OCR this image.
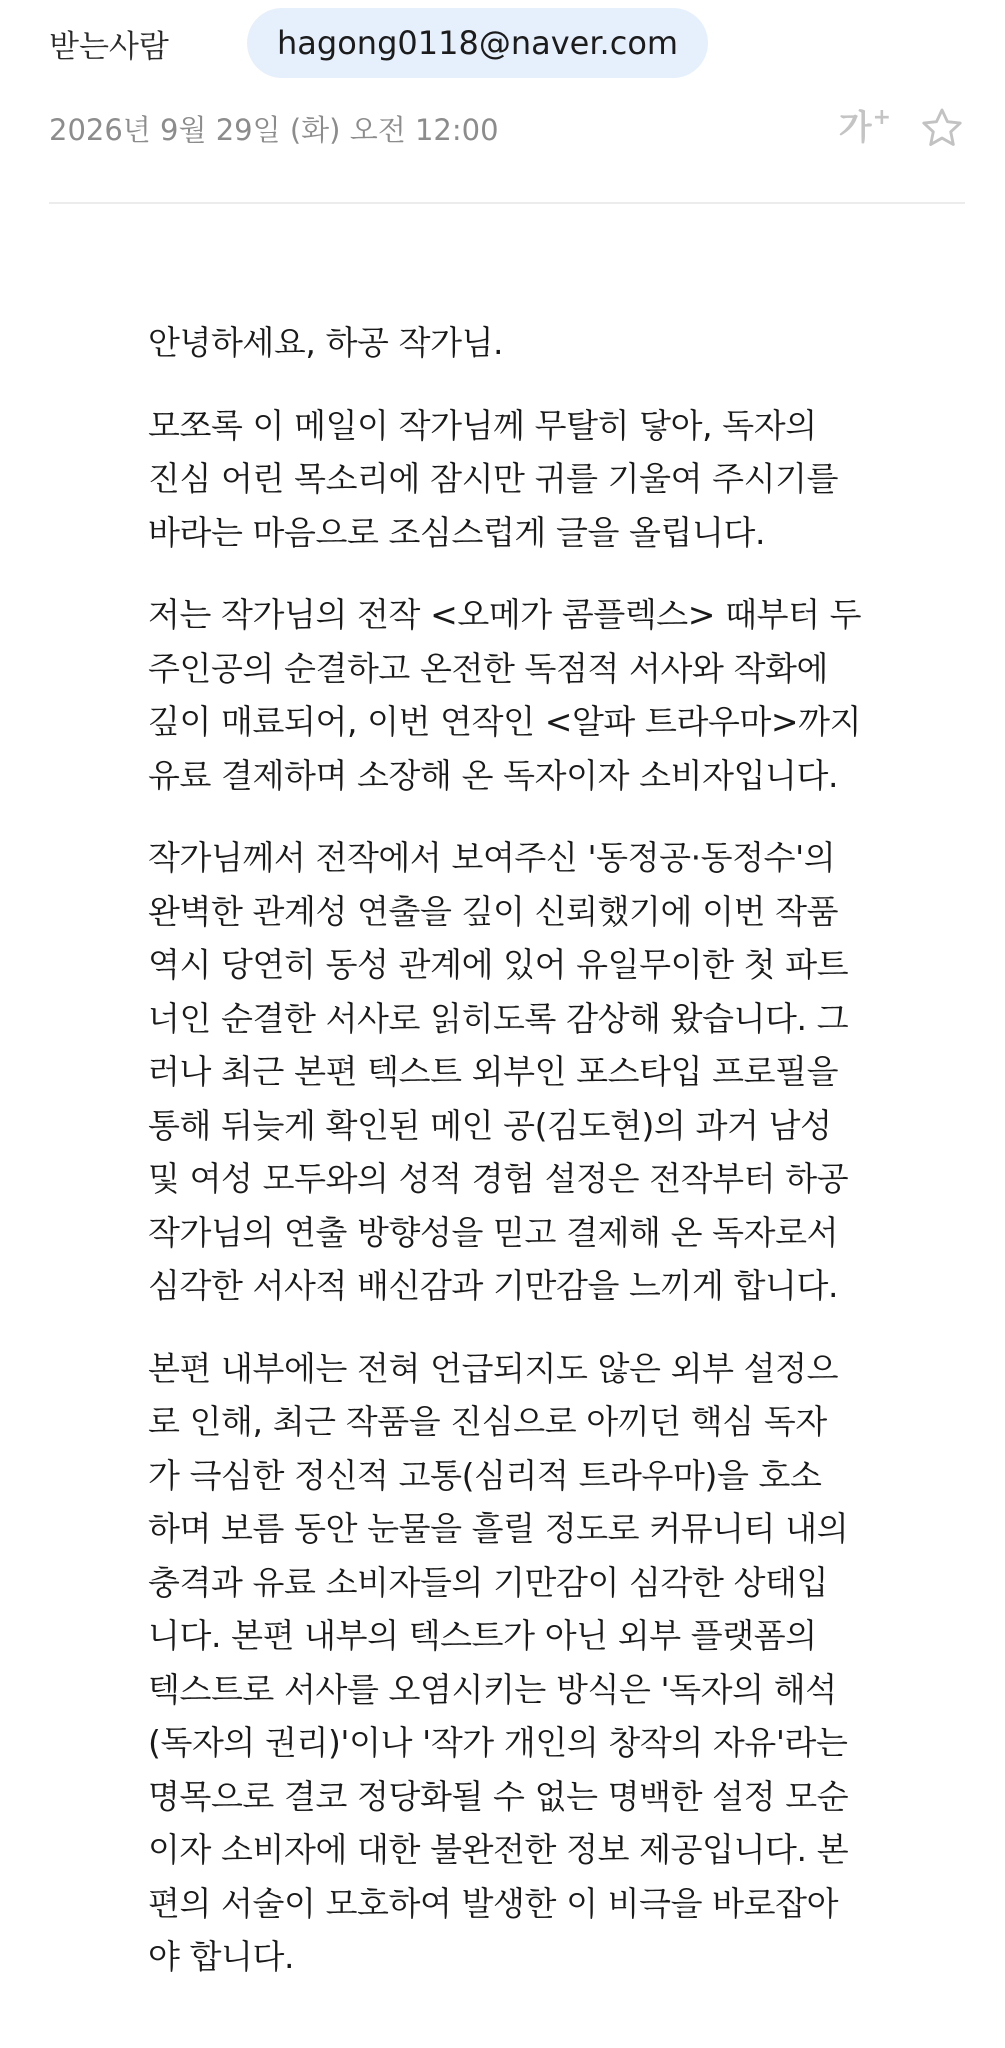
받는사람	hagong0118@naver.com
2026년 9월 29일 (화) 오전 12:00	가+

안녕하세요, 하공 작가님.

모쪼록 이 메일이 작가님께 무탈히 닿아, 독자의
진심 어린 목소리에 잠시만 귀를 기울여 주시기를
바라는 마음으로 조심스럽게 글을 올립니다.

저는 작가님의 전작 <오메가 콤플렉스> 때부터 두
주인공의 순결하고 온전한 독점적 서사와 작화에
깊이 매료되어, 이번 연작인 <알파 트라우마>까지
유료 결제하며 소장해 온 독자이자 소비자입니다.

작가님께서 전작에서 보여주신 '동정공·동정수'의
완벽한 관계성 연출을 깊이 신뢰했기에 이번 작품
역시 당연히 동성 관계에 있어 유일무이한 첫 파트
너인 순결한 서사로 읽히도록 감상해 왔습니다. 그
러나 최근 본편 텍스트 외부인 포스타입 프로필을
통해 뒤늦게 확인된 메인 공(김도현)의 과거 남성
및 여성 모두와의 성적 경험 설정은 전작부터 하공
작가님의 연출 방향성을 믿고 결제해 온 독자로서
심각한 서사적 배신감과 기만감을 느끼게 합니다.

본편 내부에는 전혀 언급되지도 않은 외부 설정으
로 인해, 최근 작품을 진심으로 아끼던 핵심 독자
가 극심한 정신적 고통(심리적 트라우마)을 호소
하며 보름 동안 눈물을 흘릴 정도로 커뮤니티 내의
충격과 유료 소비자들의 기만감이 심각한 상태입
니다. 본편 내부의 텍스트가 아닌 외부 플랫폼의
텍스트로 서사를 오염시키는 방식은 '독자의 해석
(독자의 권리)'이나 '작가 개인의 창작의 자유'라는
명목으로 결코 정당화될 수 없는 명백한 설정 모순
이자 소비자에 대한 불완전한 정보 제공입니다. 본
편의 서술이 모호하여 발생한 이 비극을 바로잡아
야 합니다.
